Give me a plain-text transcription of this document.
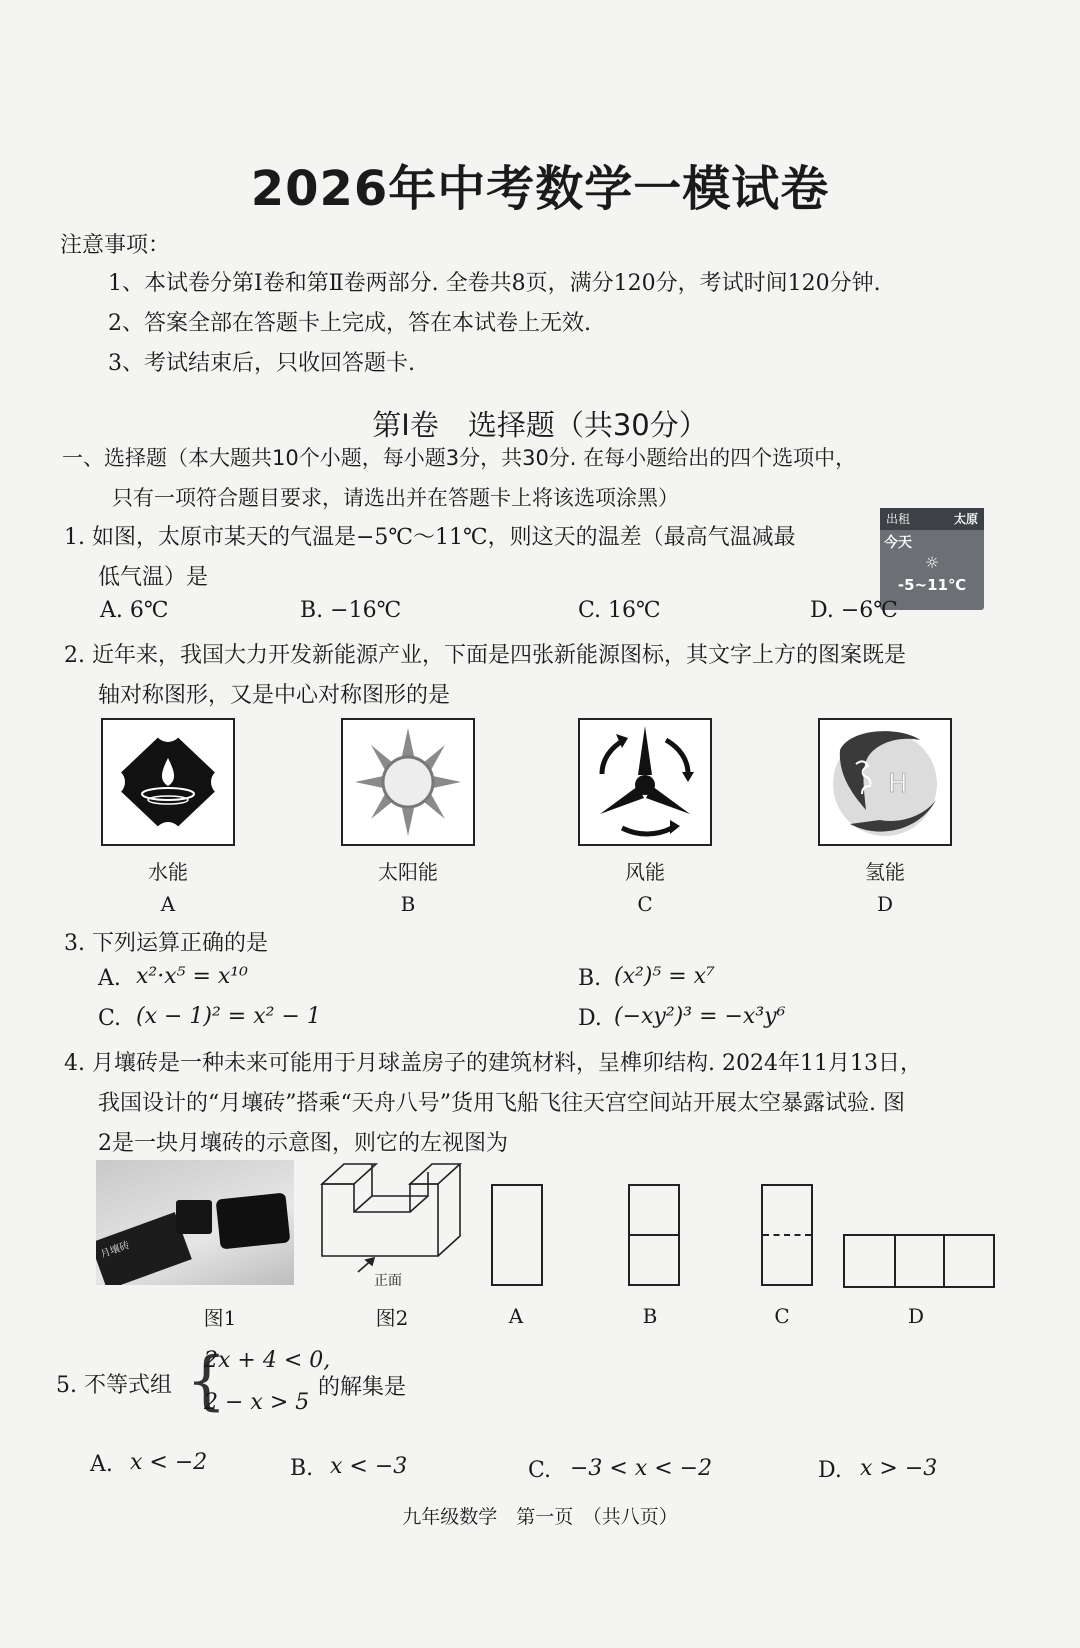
2026年中考数学一模试卷
注意事项：
1、本试卷分第Ⅰ卷和第Ⅱ卷两部分. 全卷共8页，满分120分，考试时间120分钟.
2、答案全部在答题卡上完成，答在本试卷上无效.
3、考试结束后，只收回答题卡.
第Ⅰ卷　选择题（共30分）
一、选择题（本大题共10个小题，每小题3分，共30分. 在每小题给出的四个选项中，
只有一项符合题目要求，请选出并在答题卡上将该选项涂黑）
出租	太原
今天
☼
-5~11℃
1. 如图，太原市某天的气温是−5℃～11℃，则这天的温差（最高气温减最
低气温）是
A. 6℃	B. −16℃	C. 16℃	D. −6℃
2. 近年来，我国大力开发新能源产业，下面是四张新能源图标，其文字上方的图案既是
轴对称图形，又是中心对称图形的是
H
水能	太阳能	风能	氢能
A	B	C	D
3. 下列运算正确的是
A. x²·x⁵ = x¹⁰	B. (x²)⁵ = x⁷
C. (x − 1)² = x² − 1	D. (−xy²)³ = −x³y⁶
4. 月壤砖是一种未来可能用于月球盖房子的建筑材料，呈榫卯结构. 2024年11月13日，
我国设计的“月壤砖”搭乘“天舟八号”货用飞船飞往天宫空间站开展太空暴露试验. 图
2是一块月壤砖的示意图，则它的左视图为
月壤砖
正面
图1	图2	A	B	C	D
5. 不等式组 {
2x + 4 < 0,
2 − x > 5
的解集是
A. x < −2	B. x < −3	C. −3 < x < −2	D. x > −3
九年级数学　第一页　（共八页）
